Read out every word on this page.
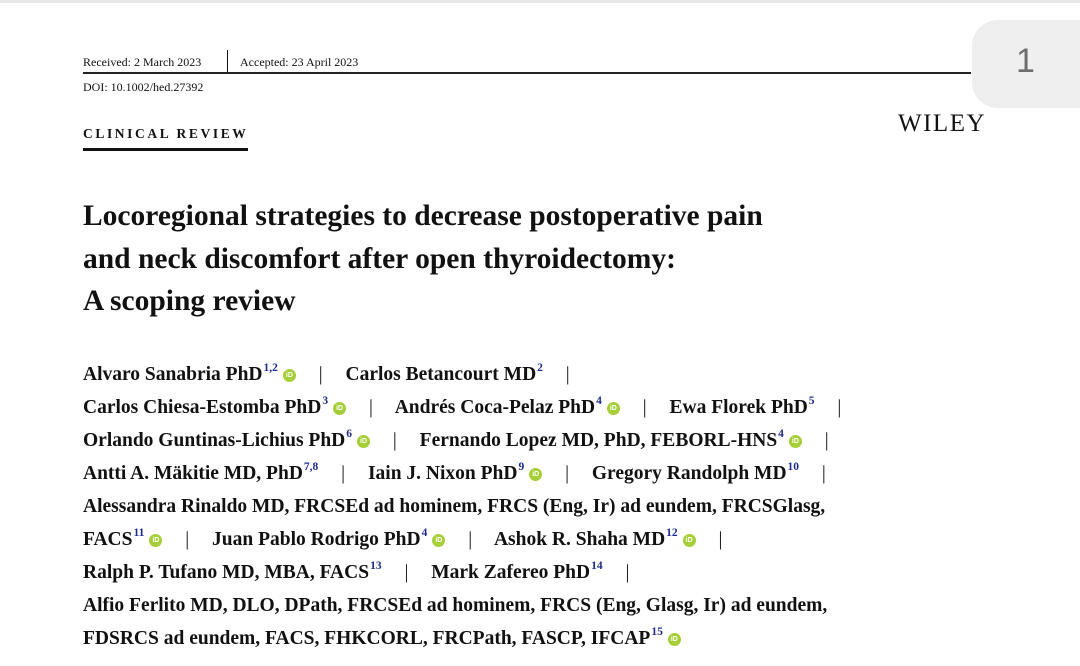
1
Received: 2 March 2023	Accepted: 23 April 2023
DOI: 10.1002/hed.27392
CLINICAL REVIEW	WILEY
Locoregional strategies to decrease postoperative pain
and neck discomfort after open thyroidectomy:
A scoping review
Alvaro Sanabria PhD$^{1,2}$iD | Carlos Betancourt $MD^2$ |
Carlos Chiesa-Estomba PhD$^3$iD | Andrés Coca-Pelaz PhD$^4$iD | Ewa Florek PhD$^5$ |
Orlando Guntinas-Lichius PhD$^6$iD | Fernando Lopez MD, PhD, FEBORL-HNS$^4$iD |
Antti A. Mäkitie MD, PhD$^{7,8}$ | Iain J. Nixon PhD$^9$iD | Gregory Randolph MD$^{10}$ |
Alessandra Rinaldo MD, FRCSEd ad hominem, FRCS (Eng, Ir) ad eundem, FRCSGlasg,
FACS$^{11}$iD | Juan Pablo Rodrigo PhD$^4$iD | Ashok R. Shaha MD$^{12}$iD |
Ralph P. Tufano MD, MBA, FACS$^{13}$ | Mark Zafereo PhD$^{14}$ |
Alfio Ferlito MD, DLO, DPath, FRCSEd ad hominem, FRCS (Eng, Glasg, Ir) ad eundem,
FDSRCS ad eundem, FACS, FHKCORL, FRCPath, FASCP, IFCAP$^{15}$iD
